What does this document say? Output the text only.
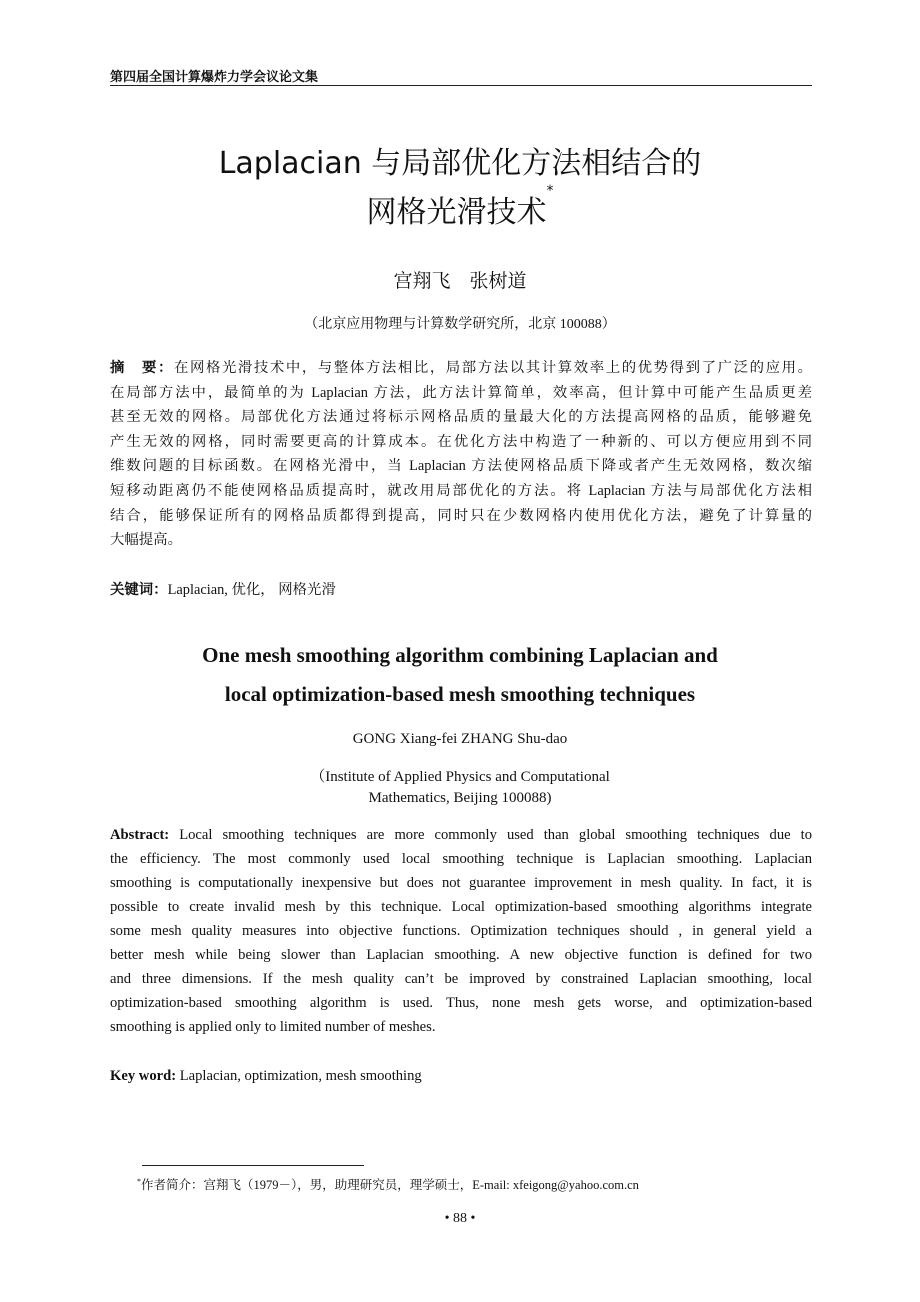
第四届全国计算爆炸力学会议论文集
Laplacian 与局部优化方法相结合的
网格光滑技术*
宫翔飞　张树道
（北京应用物理与计算数学研究所，北京 100088）
摘　要：在网格光滑技术中，与整体方法相比，局部方法以其计算效率上的优势得到了广泛的应用。
在局部方法中，最简单的为 Laplacian 方法，此方法计算简单，效率高，但计算中可能产生品质更差
甚至无效的网格。局部优化方法通过将标示网格品质的量最大化的方法提高网格的品质，能够避免
产生无效的网格，同时需要更高的计算成本。在优化方法中构造了一种新的、可以方便应用到不同
维数问题的目标函数。在网格光滑中，当 Laplacian 方法使网格品质下降或者产生无效网格，数次缩
短移动距离仍不能使网格品质提高时，就改用局部优化的方法。将 Laplacian 方法与局部优化方法相
结合，能够保证所有的网格品质都得到提高，同时只在少数网格内使用优化方法，避免了计算量的
大幅提高。
关键词：Laplacian, 优化， 网格光滑
One mesh smoothing algorithm combining Laplacian and
local optimization-based mesh smoothing techniques
GONG Xiang-fei ZHANG Shu-dao
（Institute of Applied Physics and Computational
Mathematics, Beijing 100088)
Abstract: Local smoothing techniques are more commonly used than global smoothing techniques due to
the efficiency. The most commonly used local smoothing technique is Laplacian smoothing. Laplacian
smoothing is computationally inexpensive but does not guarantee improvement in mesh quality. In fact, it is
possible to create invalid mesh by this technique. Local optimization-based smoothing algorithms integrate
some mesh quality measures into objective functions. Optimization techniques should , in general yield a
better mesh while being slower than Laplacian smoothing. A new objective function is defined for two
and three dimensions. If the mesh quality can’t be improved by constrained Laplacian smoothing, local
optimization-based smoothing algorithm is used. Thus, none mesh gets worse, and optimization-based
smoothing is applied only to limited number of meshes.
Key word: Laplacian, optimization, mesh smoothing
*作者简介：宫翔飞（1979－），男，助理研究员，理学硕士，E-mail: xfeigong@yahoo.com.cn
• 88 •
